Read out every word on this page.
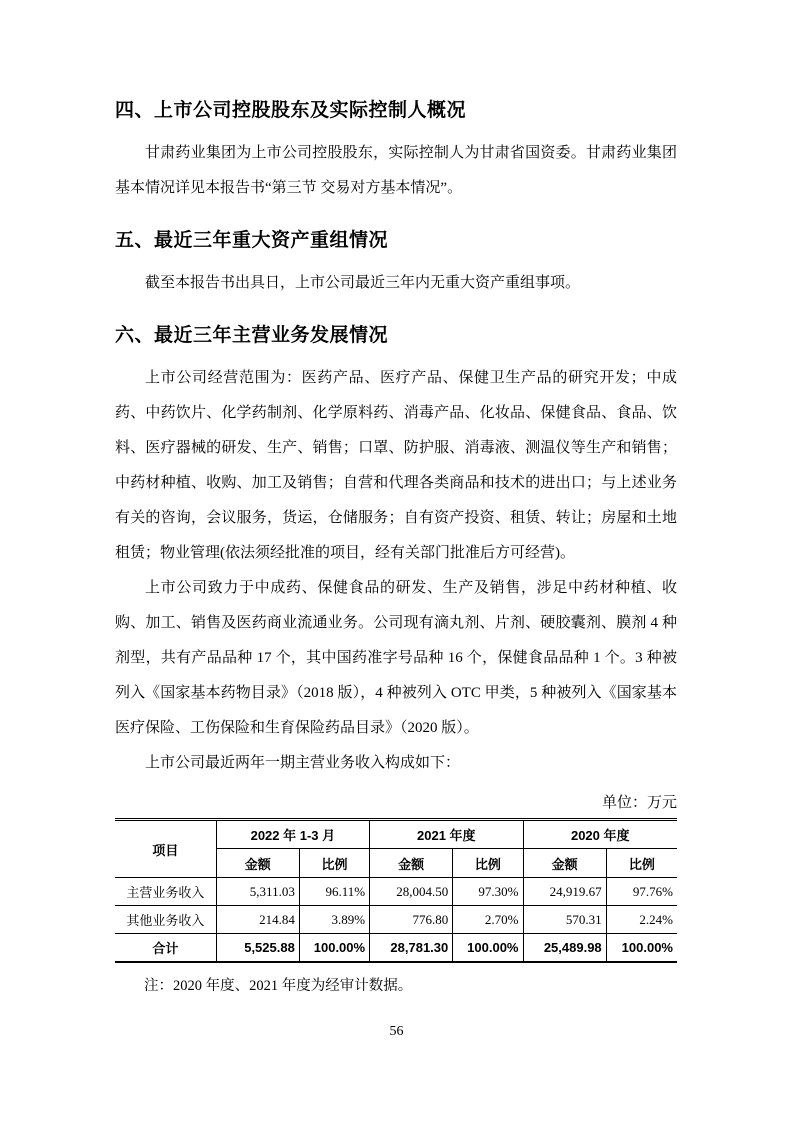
四、上市公司控股股东及实际控制人概况

甘肃药业集团为上市公司控股股东，实际控制人为甘肃省国资委。甘肃药业集团基本情况详见本报告书“第三节 交易对方基本情况”。

五、最近三年重大资产重组情况

截至本报告书出具日，上市公司最近三年内无重大资产重组事项。

六、最近三年主营业务发展情况

上市公司经营范围为：医药产品、医疗产品、保健卫生产品的研究开发；中成药、中药饮片、化学药制剂、化学原料药、消毒产品、化妆品、保健食品、食品、饮料、医疗器械的研发、生产、销售；口罩、防护服、消毒液、测温仪等生产和销售；中药材种植、收购、加工及销售；自营和代理各类商品和技术的进出口；与上述业务有关的咨询，会议服务，货运，仓储服务；自有资产投资、租赁、转让；房屋和土地租赁；物业管理(依法须经批准的项目，经有关部门批准后方可经营)。

上市公司致力于中成药、保健食品的研发、生产及销售，涉足中药材种植、收购、加工、销售及医药商业流通业务。公司现有滴丸剂、片剂、硬胶囊剂、膜剂 4 种剂型，共有产品品种 17 个，其中国药准字号品种 16 个，保健食品品种 1 个。3 种被列入《国家基本药物目录》（2018 版），4 种被列入 OTC 甲类，5 种被列入《国家基本医疗保险、工伤保险和生育保险药品目录》（2020 版）。

上市公司最近两年一期主营业务收入构成如下：

单位：万元
项目	2022 年 1-3 月		2021 年度		2020 年度	
	金额	比例	金额	比例	金额	比例
主营业务收入	5,311.03	96.11%	28,004.50	97.30%	24,919.67	97.76%
其他业务收入	214.84	3.89%	776.80	2.70%	570.31	2.24%
合计	5,525.88	100.00%	28,781.30	100.00%	25,489.98	100.00%

注：2020 年度、2021 年度为经审计数据。

56
